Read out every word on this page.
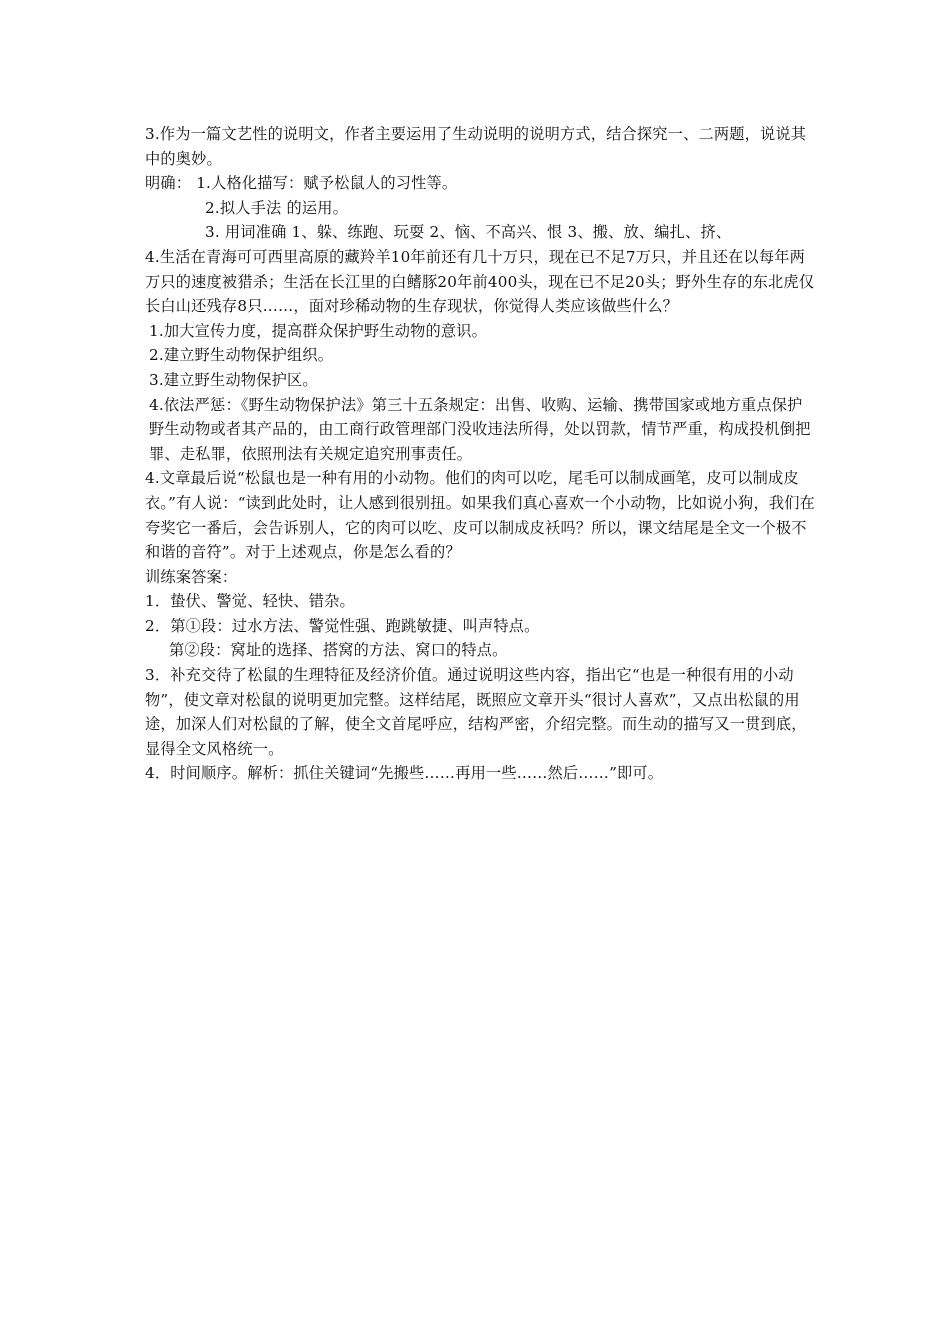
3.作为一篇文艺性的说明文，作者主要运用了生动说明的说明方式，结合探究一、二两题，说说其中的奥妙。

明确： 1.人格化描写：赋予松鼠人的习性等。

2.拟人手法 的运用。

3. 用词准确 1、躲、练跑、玩耍 2、恼、不高兴、恨 3、搬、放、编扎、挤、

4.生活在青海可可西里高原的藏羚羊10年前还有几十万只，现在已不足7万只，并且还在以每年两万只的速度被猎杀；生活在长江里的白鳍豚20年前400头，现在已不足20头；野外生存的东北虎仅长白山还残存8只……，面对珍稀动物的生存现状，你觉得人类应该做些什么？

1.加大宣传力度，提高群众保护野生动物的意识。

2.建立野生动物保护组织。

3.建立野生动物保护区。

4.依法严惩：《野生动物保护法》第三十五条规定：出售、收购、运输、携带国家或地方重点保护野生动物或者其产品的，由工商行政管理部门没收违法所得，处以罚款，情节严重，构成投机倒把罪、走私罪，依照刑法有关规定追究刑事责任。

4.文章最后说“松鼠也是一种有用的小动物。他们的肉可以吃，尾毛可以制成画笔，皮可以制成皮衣。”有人说：“读到此处时，让人感到很别扭。如果我们真心喜欢一个小动物，比如说小狗，我们在夸奖它一番后，会告诉别人，它的肉可以吃、皮可以制成皮袄吗？所以，课文结尾是全文一个极不和谐的音符”。对于上述观点，你是怎么看的？

训练案答案：

1．蛰伏、警觉、轻快、错杂。

2．第①段：过水方法、警觉性强、跑跳敏捷、叫声特点。

第②段：窝址的选择、搭窝的方法、窝口的特点。

3．补充交待了松鼠的生理特征及经济价值。通过说明这些内容，指出它“也是一种很有用的小动物”，使文章对松鼠的说明更加完整。这样结尾，既照应文章开头“很讨人喜欢”，又点出松鼠的用途，加深人们对松鼠的了解，使全文首尾呼应，结构严密，介绍完整。而生动的描写又一贯到底，显得全文风格统一。

4．时间顺序。解析：抓住关键词“先搬些……再用一些……然后……”即可。
